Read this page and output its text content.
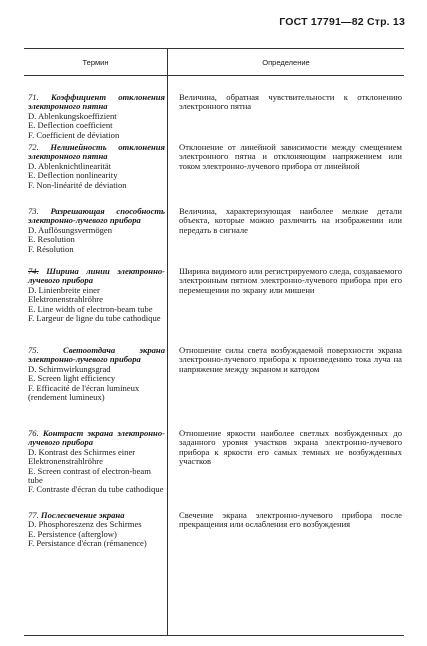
ГОСТ 17791—82 Стр. 13
Термин	Определение
71. Коэффициент отклонения электронного пятна
D. Ablenkungskoeffizient
E. Deflection coefficient
F. Coefficient de déviation
Величина, обратная чувствительности к отклонению электронного пятна
72. Нелинейность отклонения электронного пятна
D. Ablenknichtlinearität
E. Deflection nonlinearity
F. Non-linéarité de déviation
Отклонение от линейной зависимости между смещением электронного пятна и отклоняющим напряжением или током электронно-лучевого прибора от линейной
73. Разрешающая способность электронно-лучевого прибора
D. Auflösungsvermögen
E. Resolution
F. Résolution
Величина, характеризующая наиболее мелкие детали объекта, которые можно различить на изображении или передать в сигнале
74. Ширина линии электронно-лучевого прибора
D. Linienbreite einer Elektronenstrahlröhre
E. Line width of electron-beam tube
F. Largeur de ligne du tube cathodique
Ширина видимого или регистрируемого следа, создаваемого электронным пятном электронно-лучевого прибора при его перемещении по экрану или мишени
75.	Светоотдача экрана электронно-лучевого прибора
D. Schirmwirkungsgrad
E. Screen light efficiency
F. Efficacité de l'écran lumineux (rendement lumineux)
Отношение силы света возбуждаемой поверхности экрана электронно-лучевого прибора к произведению тока луча на напряжение между экраном и катодом
76. Контраст экрана электронно-лучевого прибора
D. Kontrast des Schirmes einer Elektronenstrahlröhre
E. Screen contrast of electron-beam tube
F. Contraste d'écran du tube cathodique
Отношение яркости наиболее светлых возбужденных до заданного уровня участков экрана электронно-лучевого прибора к яркости его самых темных не возбужденных участков
77. Послесвечение экрана
D. Phosphoreszenz des Schirmes
E. Persistence (afterglow)
F. Persistance d'écran (rémanence)
Свечение экрана электронно-лучевого прибора после прекращения или ослабления его возбуждения
